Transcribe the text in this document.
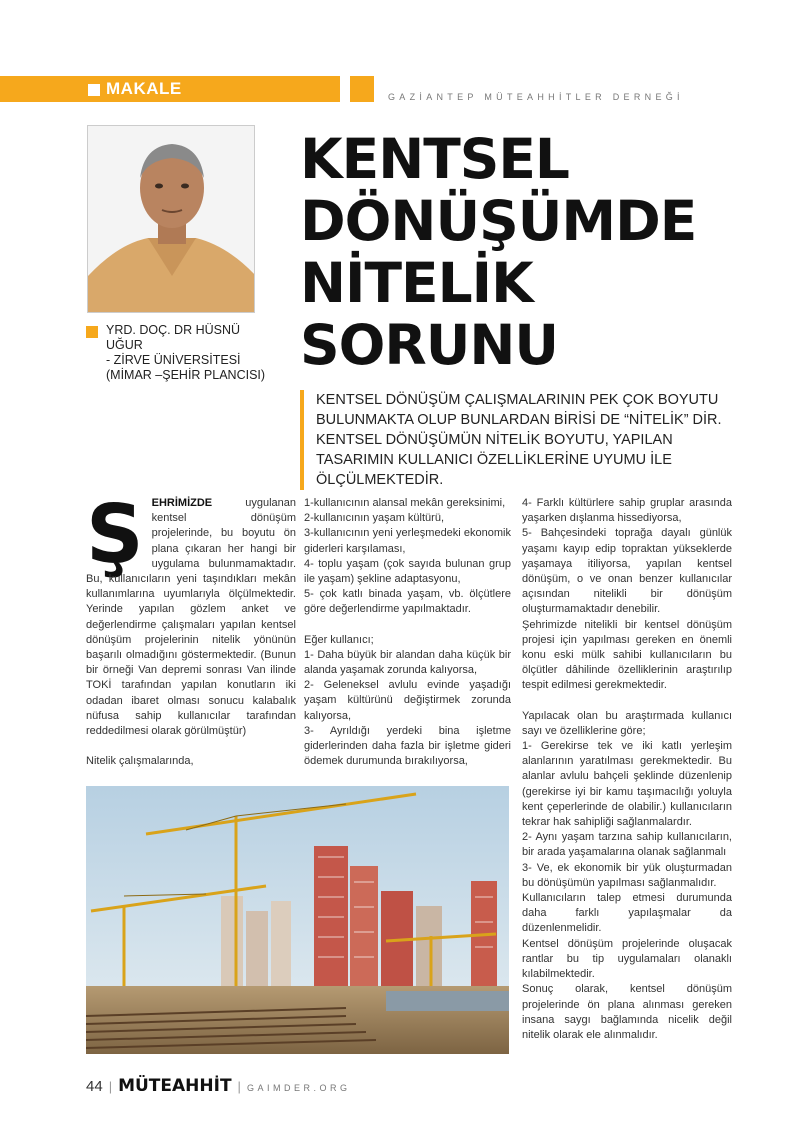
MAKALE	GAZİANTEP MÜTEAHHİTLER DERNEĞİ
YRD. DOÇ. DR HÜSNÜ UĞUR
- ZİRVE ÜNİVERSİTESİ
(MİMAR –ŞEHİR PLANCISI)
KENTSEL
DÖNÜŞÜMDE
NİTELİK
SORUNU
KENTSEL DÖNÜŞÜM ÇALIŞMALARININ PEK ÇOK BOYUTU BULUNMAKTA OLUP BUNLARDAN BİRİSİ DE “NİTELİK” DİR. KENTSEL DÖNÜŞÜMÜN NİTELİK BOYUTU, YAPILAN TASARIMIN KULLANICI ÖZELLİKLERİNE UYUMU İLE ÖLÇÜLMEKTEDİR.
Ş EHRİMİZDE uygulanan kentsel dönüşüm projelerinde, bu boyutu ön plana çıkaran her hangi bir uygulama bulunmamaktadır. Bu, kullanıcıların yeni taşındıkları mekân kullanımlarına uyumlarıyla ölçülmektedir. Yerinde yapılan gözlem anket ve değerlendirme çalışmaları yapılan kentsel dönüşüm projelerinin nitelik yönünün başarılı olmadığını göstermektedir. (Bunun bir örneği Van depremi sonrası Van ilinde TOKİ tarafından yapılan konutların iki odadan ibaret olması sonucu kalabalık nüfusa sahip kullanıcılar tarafından reddedilmesi olarak görülmüştür)

Nitelik çalışmalarında,

1-kullanıcının alansal mekân gereksinimi,
2-kullanıcının yaşam kültürü,
3-kullanıcının yeni yerleşmedeki ekonomik giderleri karşılaması,
4- toplu yaşam (çok sayıda bulunan grup ile yaşam) şekline adaptasyonu,
5- çok katlı binada yaşam, vb. ölçütlere göre değerlendirme yapılmaktadır.

Eğer kullanıcı;
1- Daha büyük bir alandan daha küçük bir alanda yaşamak zorunda kalıyorsa,
2- Geleneksel avlulu evinde yaşadığı yaşam kültürünü değiştirmek zorunda kalıyorsa,
3- Ayrıldığı yerdeki bina işletme giderlerinden daha fazla bir işletme gideri ödemek durumunda bırakılıyorsa,

4- Farklı kültürlere sahip gruplar arasında yaşarken dışlanma hissediyorsa,
5- Bahçesindeki toprağa dayalı günlük yaşamı kayıp edip topraktan yükseklerde yaşamaya itiliyorsa, yapılan kentsel dönüşüm, o ve onan benzer kullanıcılar açısından nitelikli bir dönüşüm oluşturmamaktadır denebilir.
Şehrimizde nitelikli bir kentsel dönüşüm projesi için yapılması gereken en önemli konu eski mülk sahibi kullanıcıların bu ölçütler dâhilinde özelliklerinin araştırılıp tespit edilmesi gerekmektedir.

Yapılacak olan bu araştırmada kullanıcı sayı ve özelliklerine göre;
1- Gerekirse tek ve iki katlı yerleşim alanlarının yaratılması gerekmektedir. Bu alanlar avlulu bahçeli şeklinde düzenlenip (gerekirse iyi bir kamu taşımacılığı yoluyla kent çeperlerinde de olabilir.) kullanıcıların tekrar hak sahipliği sağlanmalardır.
2- Aynı yaşam tarzına sahip kullanıcıların, bir arada yaşamalarına olanak sağlanmalı
3- Ve, ek ekonomik bir yük oluşturmadan bu dönüşümün yapılması sağlanmalıdır.
Kullanıcıların talep etmesi durumunda daha farklı yapılaşmalar da düzenlenmelidir.
Kentsel dönüşüm projelerinde oluşacak rantlar bu tip uygulamaları olanaklı kılabilmektedir.
Sonuç olarak, kentsel dönüşüm projelerinde ön plana alınması gereken insana saygı bağlamında nicelik değil nitelik olarak ele alınmalıdır.

44 | MÜTEAHHİT | GAIMDER.ORG
